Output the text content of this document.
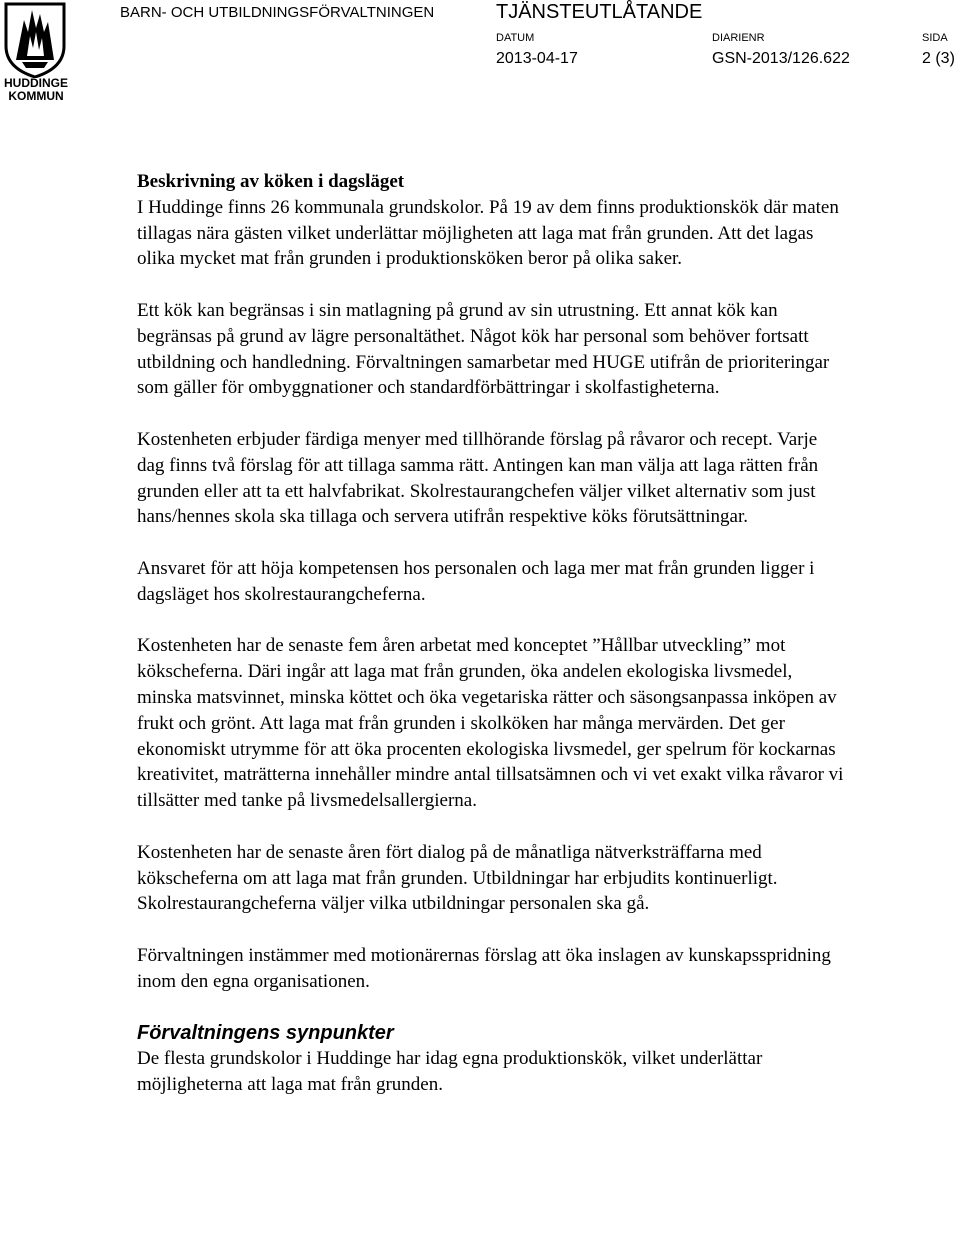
HUDDINGE
KOMMUN
BARN- OCH UTBILDNINGSFÖRVALTNINGEN	TJÄNSTEUTLÅTANDE
DATUM	DIARIENR	SIDA
2013-04-17	GSN-2013/126.622	2 (3)
Beskrivning av köken i dagsläget

I Huddinge finns 26 kommunala grundskolor. På 19 av dem finns produktionskök där maten tillagas nära gästen vilket underlättar möjligheten att laga mat från grunden. Att det lagas olika mycket mat från grunden i produktionsköken beror på olika saker.

Ett kök kan begränsas i sin matlagning på grund av sin utrustning. Ett annat kök kan begränsas på grund av lägre personaltäthet. Något kök har personal som behöver fortsatt utbildning och handledning. Förvaltningen samarbetar med HUGE utifrån de prioriteringar som gäller för ombyggnationer och standardförbättringar i skolfastigheterna.

Kostenheten erbjuder färdiga menyer med tillhörande förslag på råvaror och recept. Varje dag finns två förslag för att tillaga samma rätt. Antingen kan man välja att laga rätten från grunden eller att ta ett halvfabrikat. Skolrestaurangchefen väljer vilket alternativ som just hans/hennes skola ska tillaga och servera utifrån respektive köks förutsättningar.

Ansvaret för att höja kompetensen hos personalen och laga mer mat från grunden ligger i dagsläget hos skolrestaurangcheferna.

Kostenheten har de senaste fem åren arbetat med konceptet ”Hållbar utveckling” mot kökscheferna. Däri ingår att laga mat från grunden, öka andelen ekologiska livsmedel, minska matsvinnet, minska köttet och öka vegetariska rätter och säsongsanpassa inköpen av frukt och grönt. Att laga mat från grunden i skolköken har många mervärden. Det ger ekonomiskt utrymme för att öka procenten ekologiska livsmedel, ger spelrum för kockarnas kreativitet, maträtterna innehåller mindre antal tillsatsämnen och vi vet exakt vilka råvaror vi tillsätter med tanke på livsmedelsallergierna.

Kostenheten har de senaste åren fört dialog på de månatliga nätverksträffarna med kökscheferna om att laga mat från grunden. Utbildningar har erbjudits kontinuerligt. Skolrestaurangcheferna väljer vilka utbildningar personalen ska gå.

Förvaltningen instämmer med motionärernas förslag att öka inslagen av kunskapsspridning inom den egna organisationen.

Förvaltningens synpunkter

De flesta grundskolor i Huddinge har idag egna produktionskök, vilket underlättar möjligheterna att laga mat från grunden.
